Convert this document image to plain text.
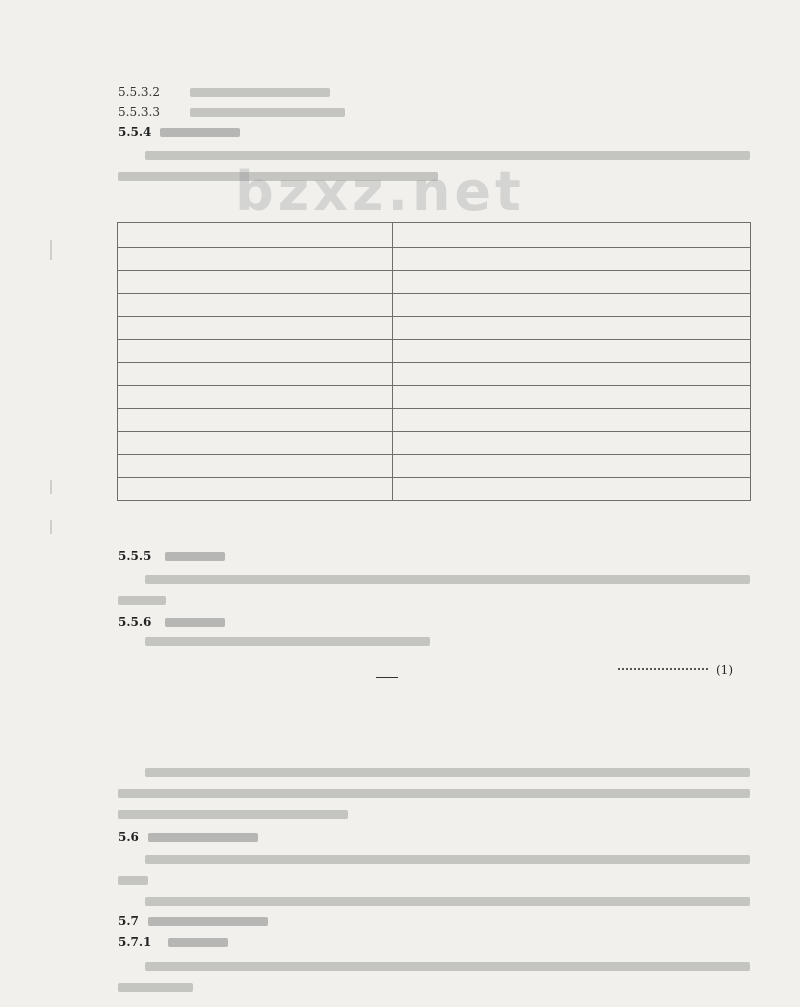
bzxz.net
5.5.3.2
5.5.3.3
5.5.4

5.5.5
5.5.6
(1)
5.6
5.7
5.7.1
